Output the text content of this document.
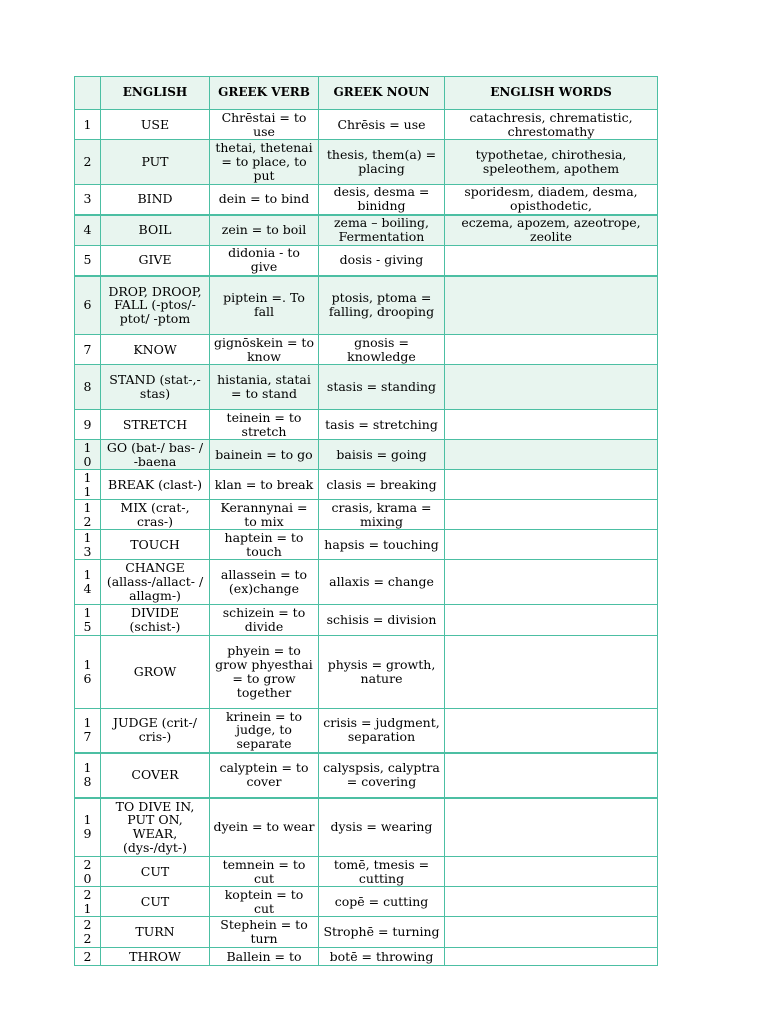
	ENGLISH	GREEK VERB	GREEK NOUN	ENGLISH WORDS
1	USE	Chrēstai = to use	Chrēsis = use	catachresis, chrematistic, chrestomathy
2	PUT	thetai, thetenai = to place, to put	thesis, them(a) = placing	typothetae, chirothesia, speleothem, apothem
3	BIND	dein = to bind	desis, desma = binidng	sporidesm, diadem, desma, opisthodetic,
4	BOIL	zein = to boil	zema – boiling, Fermentation	eczema, apozem, azeotrope, zeolite
5	GIVE	didonia - to give	dosis - giving	
6	DROP, DROOP, FALL (-ptos/-ptot/ -ptom	piptein =. To fall	ptosis, ptoma = falling, drooping	
7	KNOW	gignōskein = to know	gnosis = knowledge	
8	STAND (stat-,-stas)	histania, statai = to stand	stasis = standing	
9	STRETCH	teinein = to stretch	tasis = stretching	
10	GO (bat-/ bas- / -baena	bainein = to go	baisis = going	
11	BREAK (clast-)	klan = to break	clasis = breaking	
12	MIX (crat-, cras-)	Kerannynai = to mix	crasis, krama = mixing	
13	TOUCH	haptein = to touch	hapsis = touching	
14	CHANGE (allass-/allact- / allagm-)	allassein = to (ex)change	allaxis = change	
15	DIVIDE (schist-)	schizein = to divide	schisis = division	
16	GROW	phyein = to grow phyesthai = to grow together	physis = growth, nature	
17	JUDGE (crit-/ cris-)	krinein = to judge, to separate	crisis = judgment, separation	
18	COVER	calyptein = to cover	calyspsis, calyptra = covering	
19	TO DIVE IN, PUT ON, WEAR, (dys-/dyt-)	dyein = to wear	dysis = wearing	
20	CUT	temnein = to cut	tomē, tmesis = cutting	
21	CUT	koptein = to cut	copē = cutting	
22	TURN	Stephein = to turn	Strophē = turning	
2	THROW	Ballein = to	botē = throwing	
